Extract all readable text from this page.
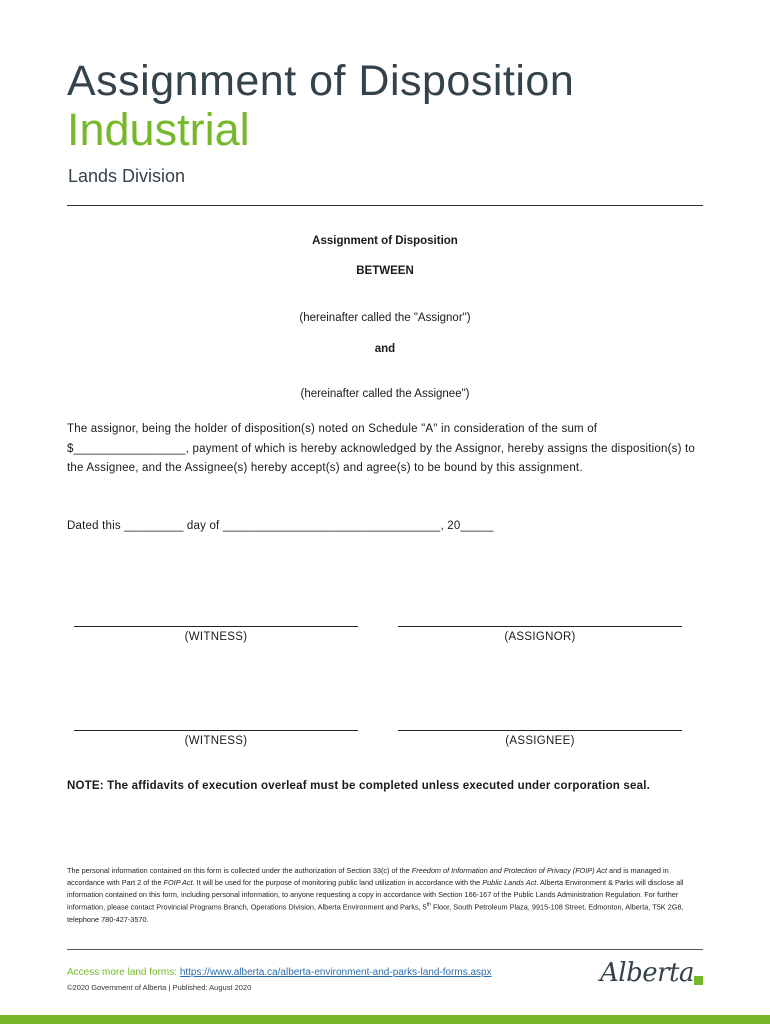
Assignment of Disposition
Industrial
Lands Division
Assignment of Disposition
BETWEEN
(hereinafter called the "Assignor")
and
(hereinafter called the Assignee")
The assignor, being the holder of disposition(s) noted on Schedule "A" in consideration of the sum of $_________________, payment of which is hereby acknowledged by the Assignor, hereby assigns the disposition(s) to the Assignee, and the Assignee(s) hereby accept(s) and agree(s) to be bound by this assignment.
Dated this _________ day of _________________________________, 20_____
(WITNESS)	(ASSIGNOR)
(WITNESS)	(ASSIGNEE)
NOTE: The affidavits of execution overleaf must be completed unless executed under corporation seal.
The personal information contained on this form is collected under the authorization of Section 33(c) of the Freedom of Information and Protection of Privacy (FOIP) Act and is managed in accordance with Part 2 of the FOIP Act. It will be used for the purpose of monitoring public land utilization in accordance with the Public Lands Act. Alberta Environment & Parks will disclose all information contained on this form, including personal information, to anyone requesting a copy in accordance with Section 166-167 of the Public Lands Administration Regulation. For further information, please contact Provincial Programs Branch, Operations Division, Alberta Environment and Parks, 5th Floor, South Petroleum Plaza, 9915-108 Street, Edmonton, Alberta, T5K 2G8, telephone 780-427-3570.
Access more land forms: https://www.alberta.ca/alberta-environment-and-parks-land-forms.aspx
©2020 Government of Alberta | Published: August 2020	Alberta
